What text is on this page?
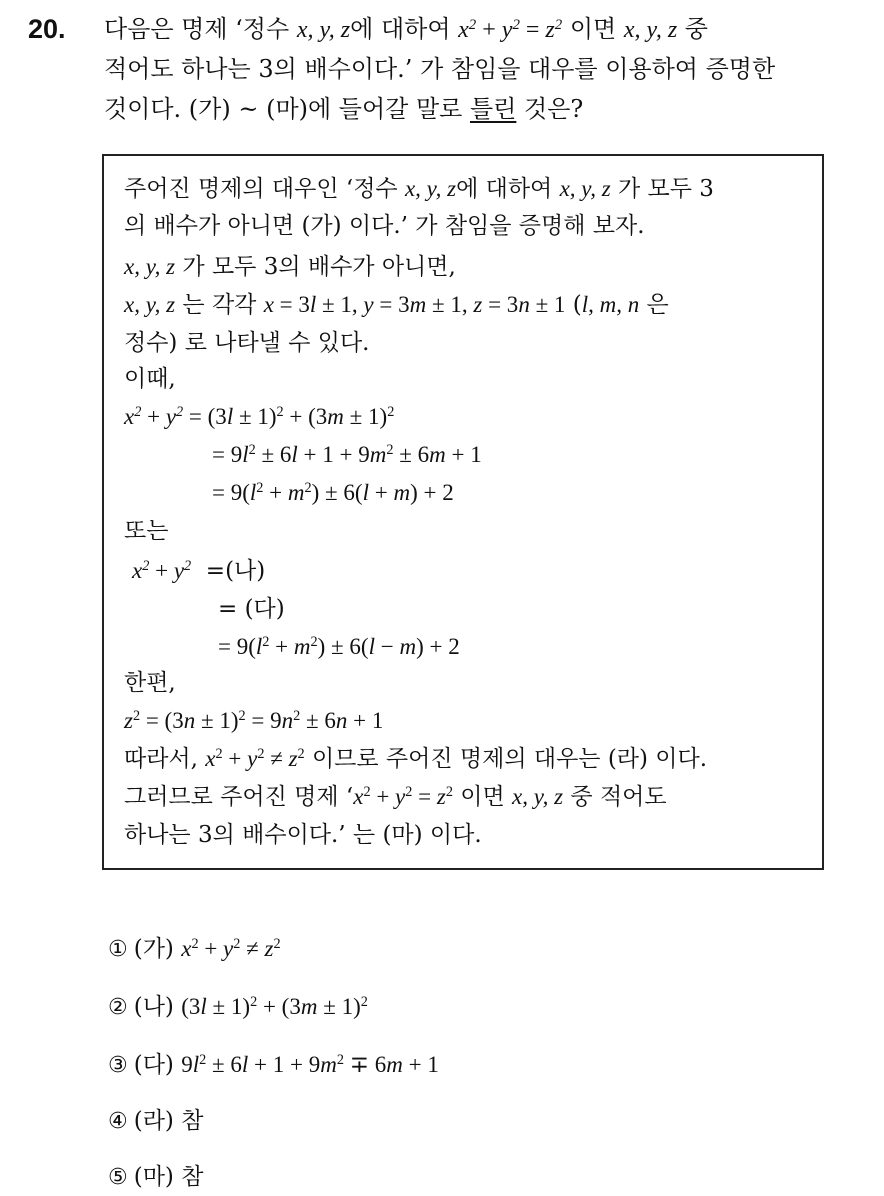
20. 다음은 명제 ‘정수 x, y, z에 대하여 $x^2 + y^2 = z^2$ 이면 x, y, z 중
적어도 하나는 3의 배수이다.’ 가 참임을 대우를 이용하여 증명한
것이다. (가) ~ (마)에 들어갈 말로 틀린 것은?
주어진 명제의 대우인 ‘정수 x, y, z에 대하여 x, y, z 가 모두 3
의 배수가 아니면 (가) 이다.’ 가 참임을 증명해 보자.
x, y, z 가 모두 3의 배수가 아니면,
x, y, z 는 각각 x = 3l ± 1, y = 3m ± 1, z = 3n ± 1 (l, m, n 은
정수) 로 나타낼 수 있다.
이때,
$x^2 + y^2 = (3l \pm 1)^2 + (3m \pm 1)^2$
= $9l^2 \pm 6l + 1 + 9m^2 \pm 6m + 1$
= $9(l^2 + m^2) \pm 6(l + m) + 2$
또는
$x^2 + y^2$ =(나)
= (다)
= $9(l^2 + m^2) \pm 6(l - m) + 2$
한편,
$z^2 = (3n \pm 1)^2 = 9n^2 \pm 6n + 1$
따라서, $x^2 + y^2 \ne z^2$ 이므로 주어진 명제의 대우는 (라) 이다.
그러므로 주어진 명제 ‘$x^2 + y^2 = z^2$ 이면 x, y, z 중 적어도
하나는 3의 배수이다.’ 는 (마) 이다.
① (가) $x^2 + y^2 \ne z^2$
② (나) $(3l \pm 1)^2 + (3m \pm 1)^2$
③ (다) $9l^2 \pm 6l + 1 + 9m^2 \mp 6m + 1$
④ (라) 참
⑤ (마) 참
